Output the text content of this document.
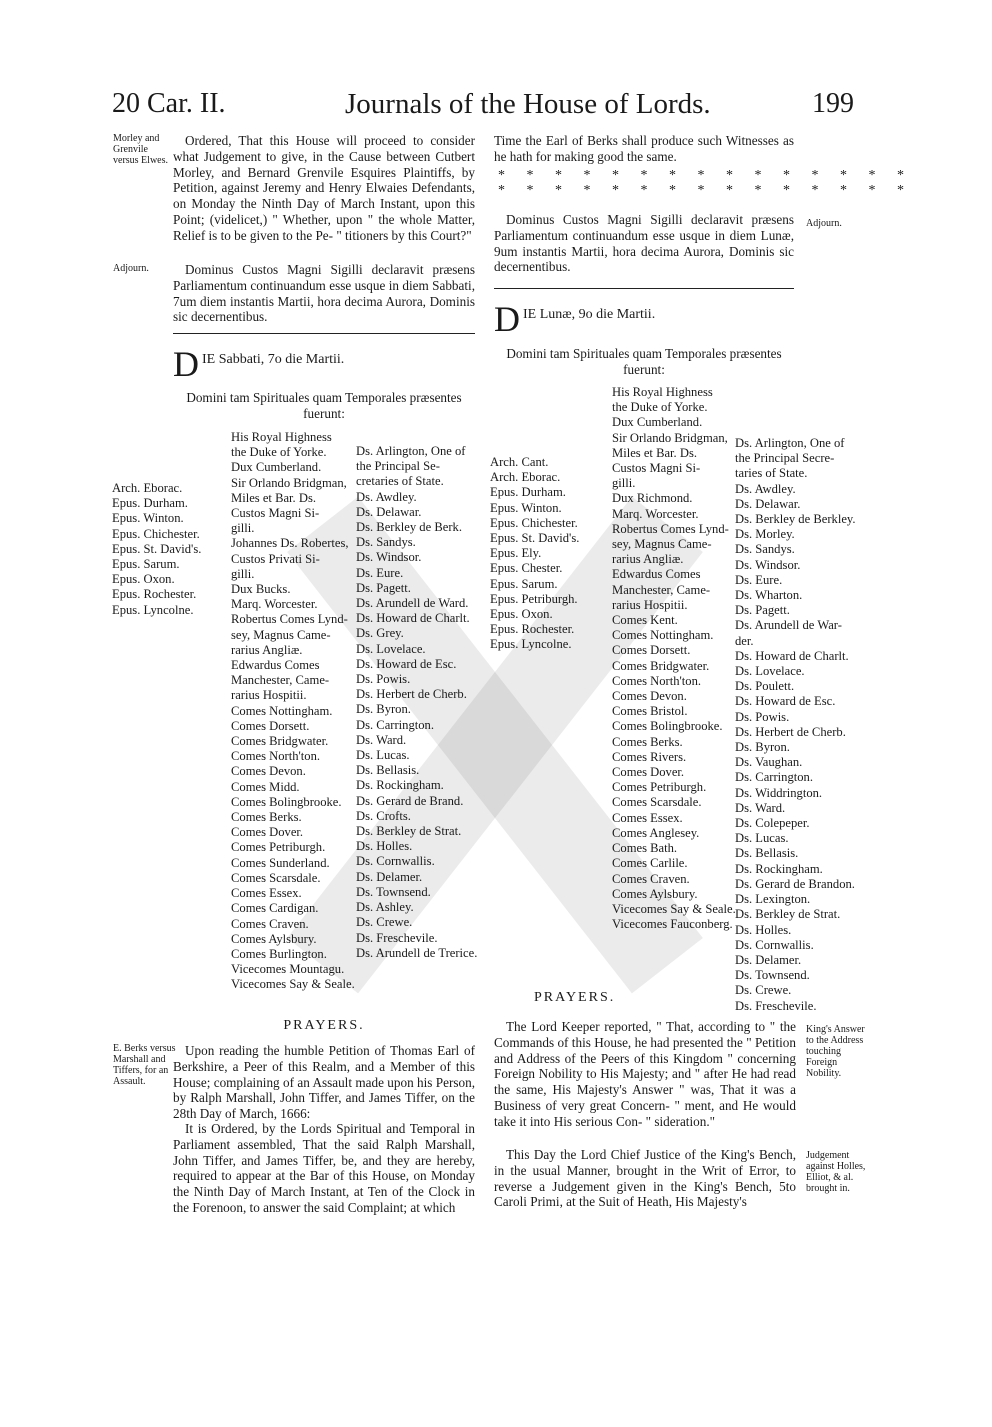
20 Car. II.	Journals of the House of Lords.	199
Morley and Grenvile versus Elwes.

Ordered, That this House will proceed to consider what Judgement to give, in the Cause between Cutbert Morley, and Bernard Grenvile Esquires Plaintiffs, by Petition, against Jeremy and Henry Elwaies Defendants, on Monday the Ninth Day of March Instant, upon this Point; (videlicet,) " Whether, upon " the whole Matter, Relief is to be given to the Pe- " titioners by this Court?"

Adjourn.	Dominus Custos Magni Sigilli declaravit præsens Parliamentum continuandum esse usque in diem Sabbati, 7um diem instantis Martii, hora decima Aurora, Dominis sic decernentibus.

D IE Sabbati, 7o die Martii.

Domini tam Spirituales quam Temporales præsentes fuerunt:

Arch. Eborac.
Epus. Durham.
Epus. Winton.
Epus. Chichester.
Epus. St. David's.
Epus. Sarum.
Epus. Oxon.
Epus. Rochester.
Epus. Lyncolne.
His Royal Highness
the Duke of Yorke.
Dux Cumberland.
Sir Orlando Bridgman,
Miles et Bar. Ds.
Custos Magni Si-
gilli.
Johannes Ds. Robertes,
Custos Privati Si-
gilli.
Dux Bucks.
Marq. Worcester.
Robertus Comes Lynd-
sey, Magnus Came-
rarius Angliæ.
Edwardus Comes
Manchester, Came-
rarius Hospitii.
Comes Nottingham.
Comes Dorsett.
Comes Bridgwater.
Comes North'ton.
Comes Devon.
Comes Midd.
Comes Bolingbrooke.
Comes Berks.
Comes Dover.
Comes Petriburgh.
Comes Sunderland.
Comes Scarsdale.
Comes Essex.
Comes Cardigan.
Comes Craven.
Comes Aylsbury.
Comes Burlington.
Vicecomes Mountagu.
Vicecomes Say & Seale.
Ds. Arlington, One of
the Principal Se-
cretaries of State.
Ds. Awdley.
Ds. Delawar.
Ds. Berkley de Berk.
Ds. Sandys.
Ds. Windsor.
Ds. Eure.
Ds. Pagett.
Ds. Arundell de Ward.
Ds. Howard de Charlt.
Ds. Grey.
Ds. Lovelace.
Ds. Howard de Esc.
Ds. Powis.
Ds. Herbert de Cherb.
Ds. Byron.
Ds. Carrington.
Ds. Ward.
Ds. Lucas.
Ds. Bellasis.
Ds. Rockingham.
Ds. Gerard de Brand.
Ds. Crofts.
Ds. Berkley de Strat.
Ds. Holles.
Ds. Cornwallis.
Ds. Delamer.
Ds. Townsend.
Ds. Ashley.
Ds. Crewe.
Ds. Freschevile.
Ds. Arundell de Trerice.
PRAYERS.
E. Berks versus Marshall and Tiffers, for an Assault.

Upon reading the humble Petition of Thomas Earl of Berkshire, a Peer of this Realm, and a Member of this House; complaining of an Assault made upon his Person, by Ralph Marshall, John Tiffer, and James Tiffer, on the 28th Day of March, 1666:

It is Ordered, by the Lords Spiritual and Temporal in Parliament assembled, That the said Ralph Marshall, John Tiffer, and James Tiffer, be, and they are hereby, required to appear at the Bar of this House, on Monday the Ninth Day of March Instant, at Ten of the Clock in the Forenoon, to answer the said Complaint; at which

Time the Earl of Berks shall produce such Witnesses as he hath for making good the same.

* * * * * * * * * * * * * * *
* * * * * * * * * * * * * * *

Dominus Custos Magni Sigilli declaravit præsens Parliamentum continuandum esse usque in diem Lunæ, 9um instantis Martii, hora decima Aurora, Dominis sic decernentibus.

Adjourn.
D IE Lunæ, 9o die Martii.

Domini tam Spirituales quam Temporales præsentes fuerunt:

Arch. Cant.
Arch. Eborac.
Epus. Durham.
Epus. Winton.
Epus. Chichester.
Epus. St. David's.
Epus. Ely.
Epus. Chester.
Epus. Sarum.
Epus. Petriburgh.
Epus. Oxon.
Epus. Rochester.
Epus. Lyncolne.
His Royal Highness
the Duke of Yorke.
Dux Cumberland.
Sir Orlando Bridgman,
Miles et Bar. Ds.
Custos Magni Si-
gilli.
Dux Richmond.
Marq. Worcester.
Robertus Comes Lynd-
sey, Magnus Came-
rarius Angliæ.
Edwardus Comes
Manchester, Came-
rarius Hospitii.
Comes Kent.
Comes Nottingham.
Comes Dorsett.
Comes Bridgwater.
Comes North'ton.
Comes Devon.
Comes Bristol.
Comes Bolingbrooke.
Comes Berks.
Comes Rivers.
Comes Dover.
Comes Petriburgh.
Comes Scarsdale.
Comes Essex.
Comes Anglesey.
Comes Bath.
Comes Carlile.
Comes Craven.
Comes Aylsbury.
Vicecomes Say & Seale.
Vicecomes Fauconberg.
Ds. Arlington, One of
the Principal Secre-
taries of State.
Ds. Awdley.
Ds. Delawar.
Ds. Berkley de Berkley.
Ds. Morley.
Ds. Sandys.
Ds. Windsor.
Ds. Eure.
Ds. Wharton.
Ds. Pagett.
Ds. Arundell de War-
der.
Ds. Howard de Charlt.
Ds. Lovelace.
Ds. Poulett.
Ds. Howard de Esc.
Ds. Powis.
Ds. Herbert de Cherb.
Ds. Byron.
Ds. Vaughan.
Ds. Carrington.
Ds. Widdrington.
Ds. Ward.
Ds. Colepeper.
Ds. Lucas.
Ds. Bellasis.
Ds. Rockingham.
Ds. Gerard de Brandon.
Ds. Lexington.
Ds. Berkley de Strat.
Ds. Holles.
Ds. Cornwallis.
Ds. Delamer.
Ds. Townsend.
Ds. Crewe.
Ds. Freschevile.
PRAYERS.

The Lord Keeper reported, " That, according to " the Commands of this House, he had presented the " Petition and Address of the Peers of this Kingdom " concerning Foreign Nobility to His Majesty; and " after He had read the same, His Majesty's Answer " was, That it was a Business of very great Concern- " ment, and He would take it into His serious Con- " sideration."

King's Answer to the Address touching Foreign Nobility.

This Day the Lord Chief Justice of the King's Bench, in the usual Manner, brought in the Writ of Error, to reverse a Judgement given in the King's Bench, 5to Caroli Primi, at the Suit of Heath, His Majesty's

Judgement against Holles, Elliot, & al. brought in.
